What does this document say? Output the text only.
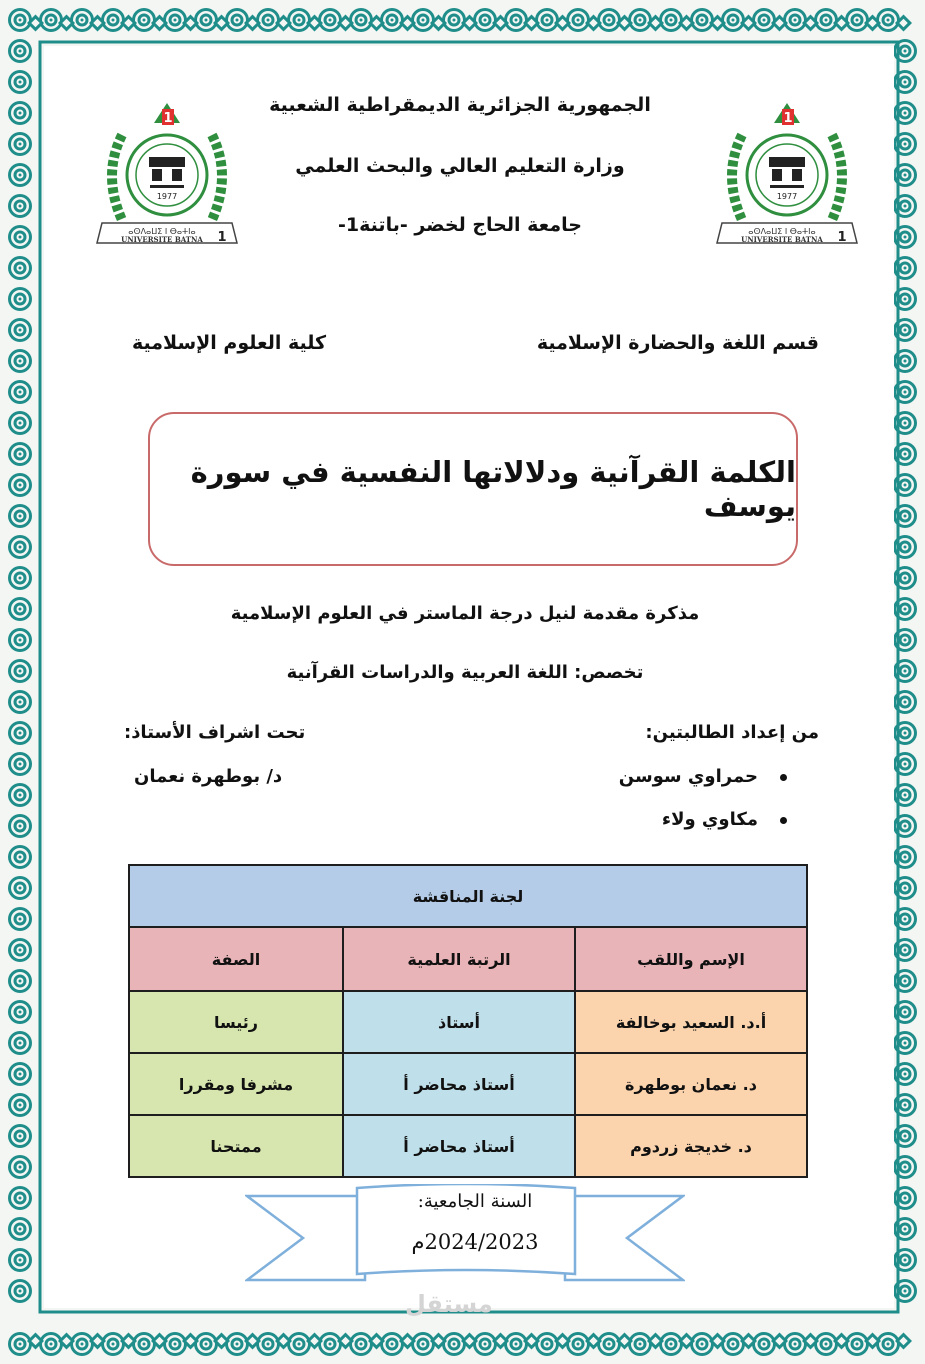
الجمهورية الجزائرية الديمقراطية الشعبية
وزارة التعليم العالي والبحث العلمي
جامعة الحاج لخضر -باتنة1-
1977
1
ⴰⵙⴷⴰⵡⵉ ⵏ ⴱⴰⵜⵏⴰ
UNIVERSITE BATNA 1
1977
1
ⴰⵙⴷⴰⵡⵉ ⵏ ⴱⴰⵜⵏⴰ
UNIVERSITE BATNA 1
قسم اللغة والحضارة الإسلامية
كلية العلوم الإسلامية
الكلمة القرآنية ودلالاتها النفسية في سورة يوسف
مذكرة مقدمة لنيل درجة الماستر في العلوم الإسلامية
تخصص: اللغة العربية والدراسات القرآنية
من إعداد الطالبتين:
تحت اشراف الأستاذ:
حمراوي سوسن
مكاوي ولاء
د/ بوطهرة نعمان
لجنة المناقشة		
الإسم واللقب	الرتبة العلمية	الصفة
أ.د. السعيد بوخالفة	أستاذ	رئيسا
د. نعمان بوطهرة	أستاذ محاضر أ	مشرفا ومقررا
د. خديجة زردوم	أستاذ محاضر أ	ممتحنا
السنة الجامعية:
2024/2023م
مستقل
